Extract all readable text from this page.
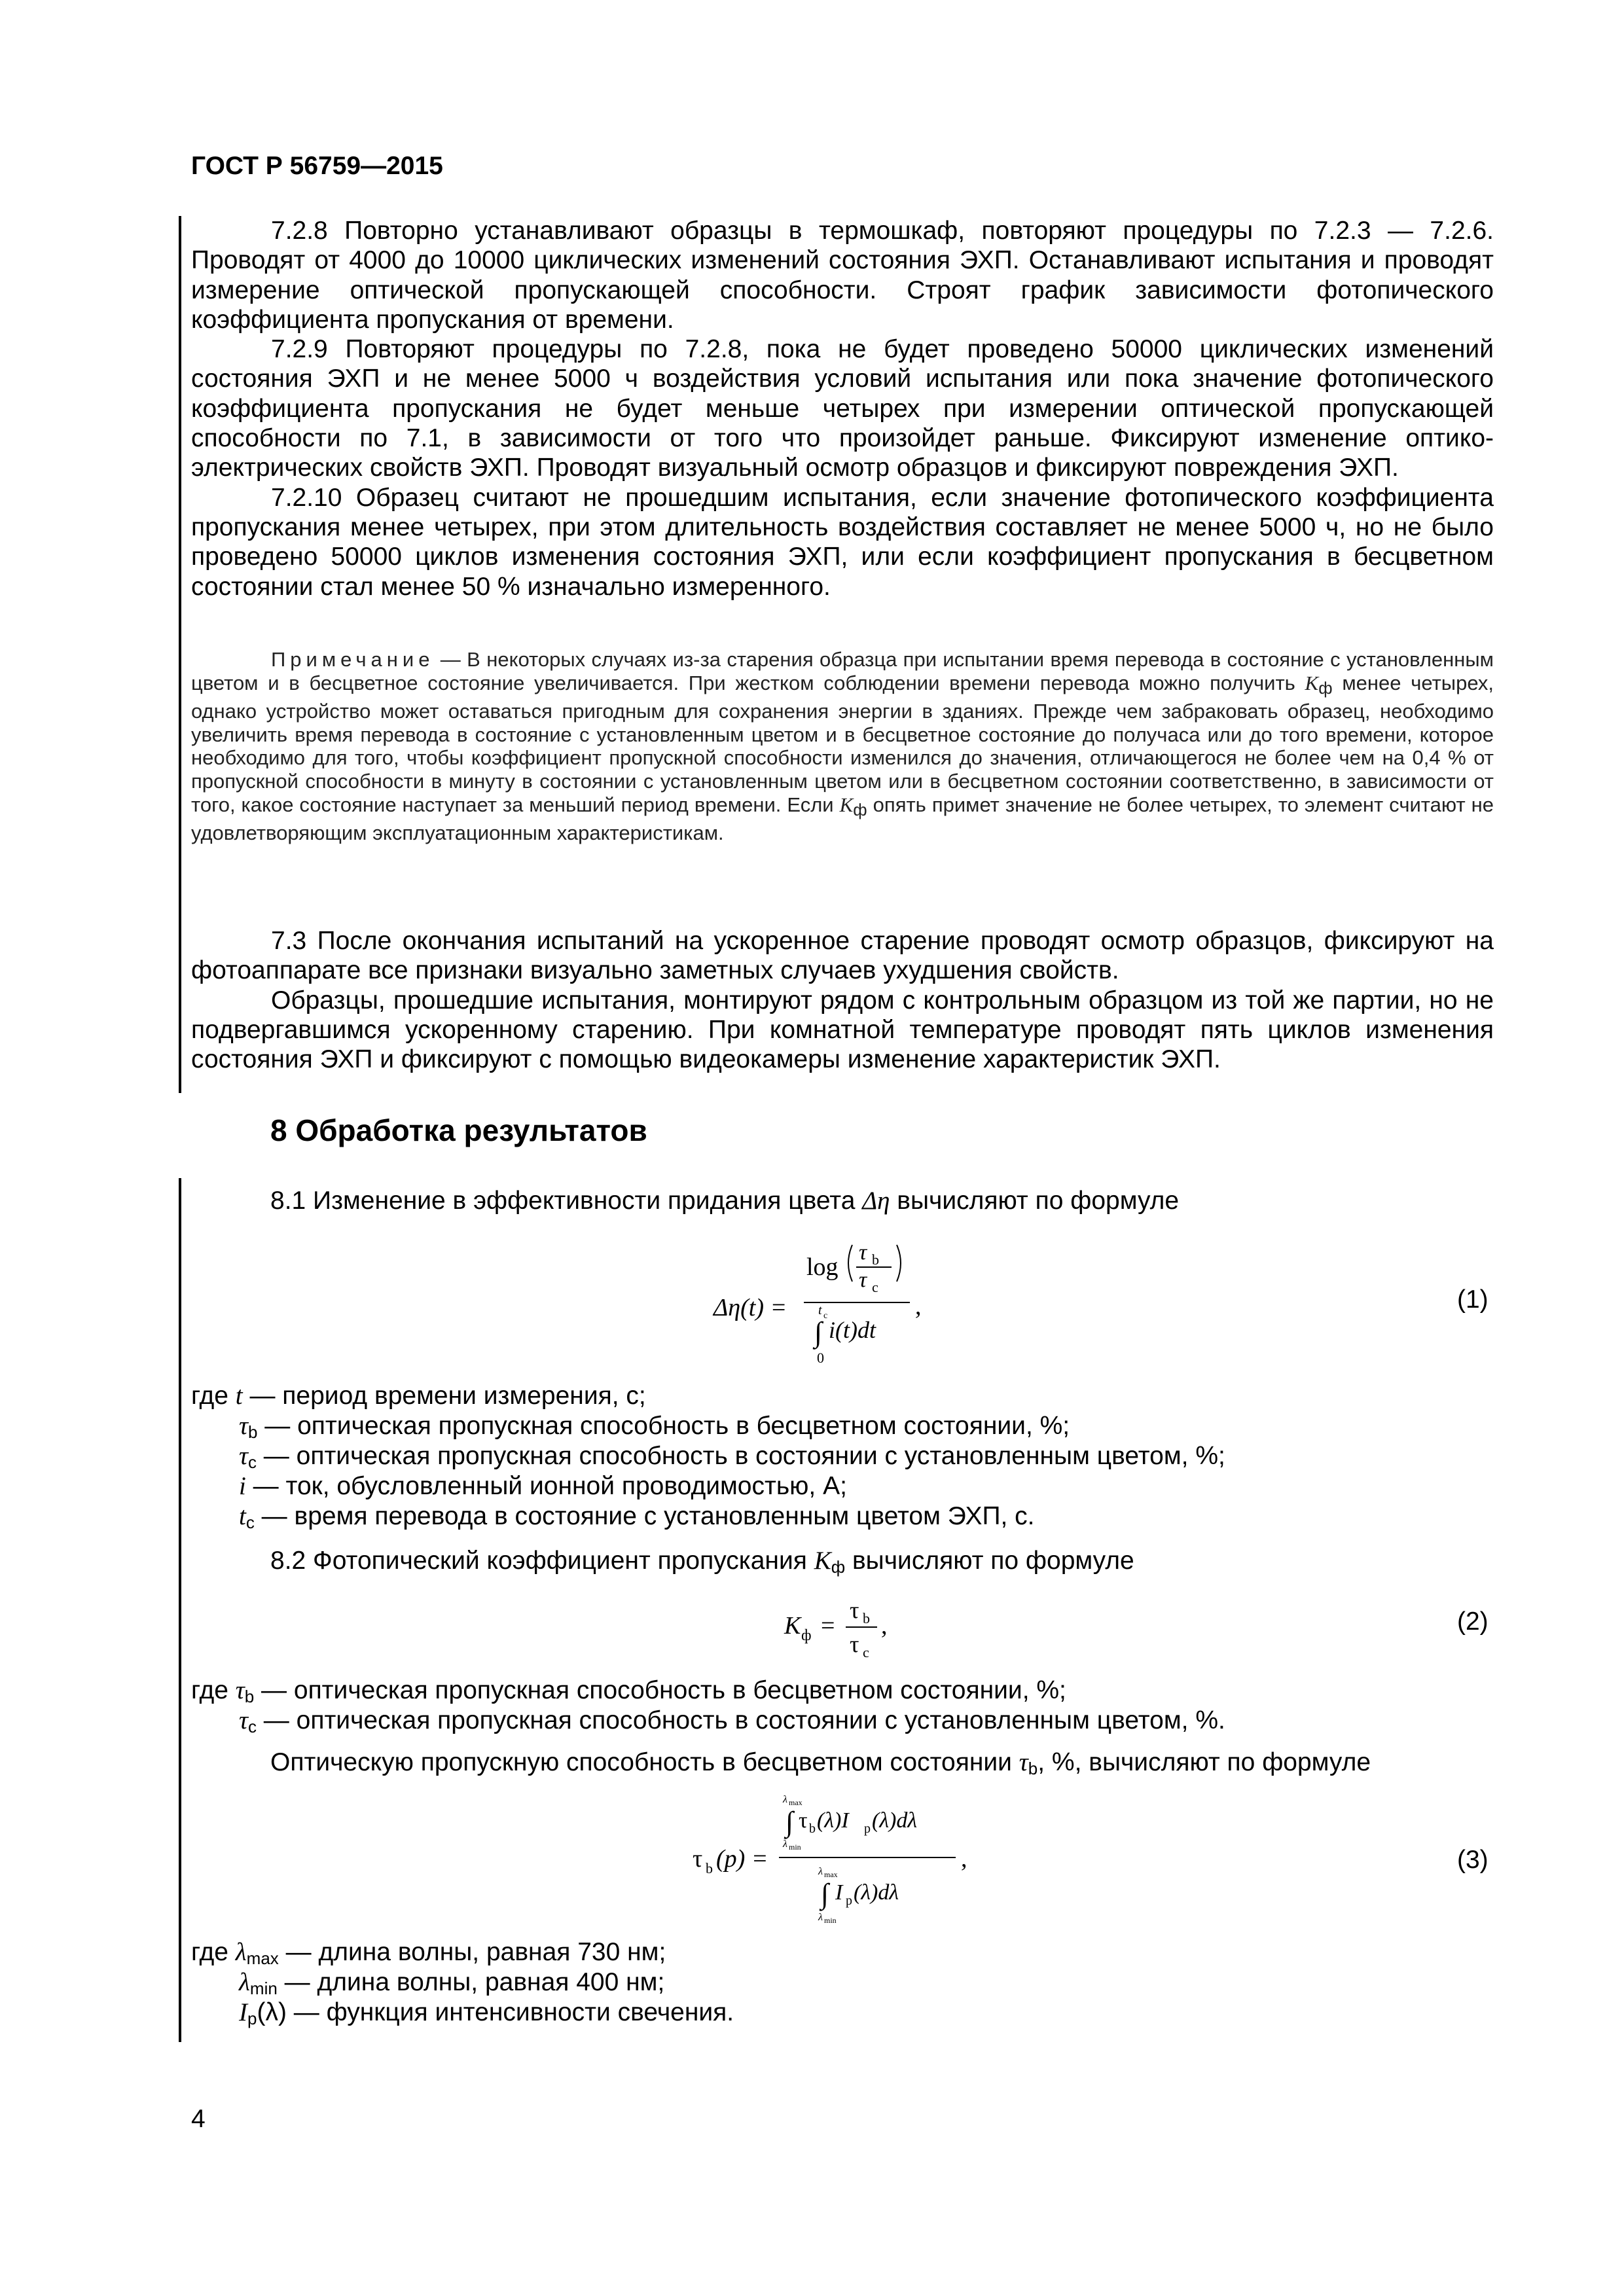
ГОСТ Р 56759—2015

7.2.8 Повторно устанавливают образцы в термошкаф, повторяют процедуры по 7.2.3 — 7.2.6. Проводят от 4000 до 10000 циклических изменений состояния ЭХП. Останавливают испытания и проводят измерение оптической пропускающей способности. Строят график зависимости фотопического коэффициента пропускания от времени.

7.2.9 Повторяют процедуры по 7.2.8, пока не будет проведено 50000 циклических изменений состояния ЭХП и не менее 5000 ч воздействия условий испытания или пока значение фотопического коэффициента пропускания не будет меньше четырех при измерении оптической пропускающей способности по 7.1, в зависимости от того что произойдет раньше. Фиксируют изменение оптико-электрических свойств ЭХП. Проводят визуальный осмотр образцов и фиксируют повреждения ЭХП.

7.2.10 Образец считают не прошедшим испытания, если значение фотопического коэффициента пропускания менее четырех, при этом длительность воздействия составляет не менее 5000 ч, но не было проведено 50000 циклов изменения состояния ЭХП, или если коэффициент пропускания в бесцветном состоянии стал менее 50 % изначально измеренного.

Примечание — В некоторых случаях из-за старения образца при испытании время перевода в состояние с установленным цветом и в бесцветное состояние увеличивается. При жестком соблюдении времени перевода можно получить $K_ф$ менее четырех, однако устройство может оставаться пригодным для сохранения энергии в зданиях. Прежде чем забраковать образец, необходимо увеличить время перевода в состояние с установленным цветом и в бесцветное состояние до получаса или до того времени, которое необходимо для того, чтобы коэффициент пропускной способности изменился до значения, отличающегося не более чем на 0,4 % от пропускной способности в минуту в состоянии с установленным цветом или в бесцветном состоянии соответственно, в зависимости от того, какое состояние наступает за меньший период времени. Если $K_ф$ опять примет значение не более четырех, то элемент считают не удовлетворяющим эксплуатационным характеристикам.

7.3 После окончания испытаний на ускоренное старение проводят осмотр образцов, фиксируют на фотоаппарате все признаки визуально заметных случаев ухудшения свойств.

Образцы, прошедшие испытания, монтируют рядом с контрольным образцом из той же партии, но не подвергавшимся ускоренному старению. При комнатной температуре проводят пять циклов изменения состояния ЭХП и фиксируют с помощью видеокамеры изменение характеристик ЭХП.

8 Обработка результатов
8.1 Изменение в эффективности придания цвета Δη вычисляют по формуле
Δη(t) =
log
τ b
τ c
t c
∫
0
i(t)dt
,	(1)
где t — период времени измерения, с;
$\tau_b$ — оптическая пропускная способность в бесцветном состоянии, %;
$\tau_c$ — оптическая пропускная способность в состоянии с установленным цветом, %;
i — ток, обусловленный ионной проводимостью, А;
$t_c$ — время перевода в состояние с установленным цветом ЭХП, с.
8.2 Фотопический коэффициент пропускания $K_ф$ вычисляют по формуле
K ф =
τ b
τ c
,	(2)
где $\tau_b$ — оптическая пропускная способность в бесцветном состоянии, %;
$\tau_c$ — оптическая пропускная способность в состоянии с установленным цветом, %.
Оптическую пропускную способность в бесцветном состоянии $\tau_b$, %, вычисляют по формуле
τ b (p) =
λ max
∫
λ min
τ b (λ)I p (λ)dλ
λ max
∫
λ min
I p (λ)dλ
,	(3)
где $\lambda_{max}$ — длина волны, равная 730 нм;
$\lambda_{min}$ — длина волны, равная 400 нм;
$I_p(\lambda)$ — функция интенсивности свечения.
4
